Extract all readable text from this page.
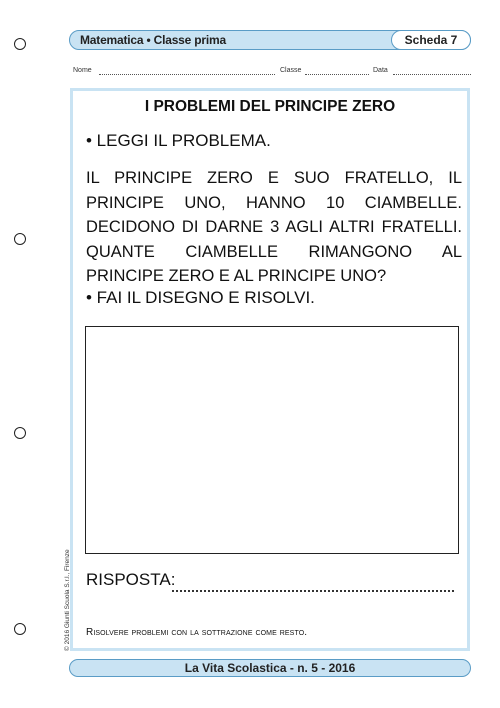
Matematica • Classe prima	Scheda 7
Nome	Classe	Data
I PROBLEMI DEL PRINCIPE ZERO
• LEGGI IL PROBLEMA.
IL PRINCIPE ZERO E SUO FRATELLO, IL PRINCIPE UNO, HANNO 10 CIAMBELLE. DECIDONO DI DARNE 3 AGLI ALTRI FRATELLI. QUANTE CIAMBELLE RIMANGONO AL PRINCIPE ZERO E AL PRINCIPE UNO?
• FAI IL DISEGNO E RISOLVI.
RISPOSTA:
Risolvere problemi con la sottrazione come resto.
© 2016 Giunti Scuola S.r.l., Firenze
La Vita Scolastica - n. 5 - 2016
